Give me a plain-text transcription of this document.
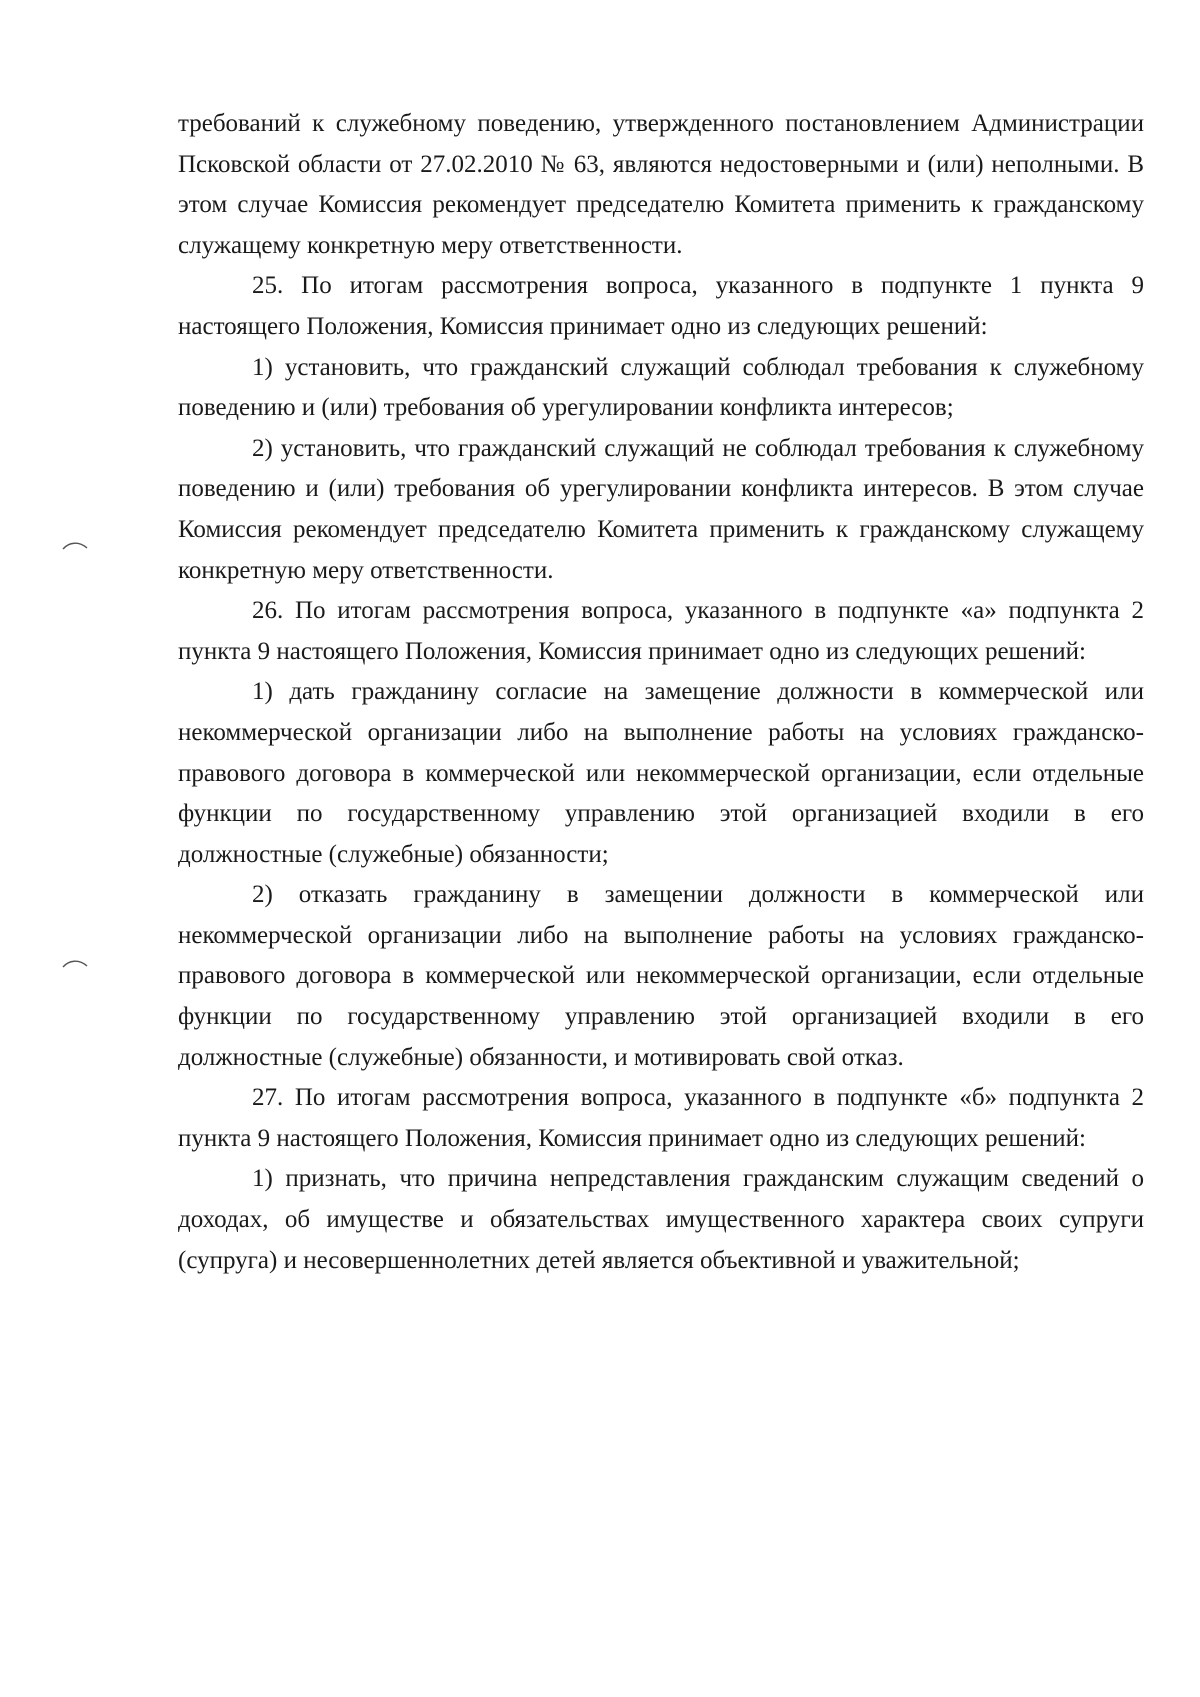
требований к служебному поведению, утвержденного постановлением Администрации Псковской области от 27.02.2010 № 63, являются недостоверными и (или) неполными. В этом случае Комиссия рекомендует председателю Комитета применить к гражданскому служащему конкретную меру ответственности.

25. По итогам рассмотрения вопроса, указанного в подпункте 1 пункта 9 настоящего Положения, Комиссия принимает одно из следующих решений:

1) установить, что гражданский служащий соблюдал требования к служебному поведению и (или) требования об урегулировании конфликта интересов;

2) установить, что гражданский служащий не соблюдал требования к служебному поведению и (или) требования об урегулировании конфликта интересов. В этом случае Комиссия рекомендует председателю Комитета применить к гражданскому служащему конкретную меру ответственности.

26. По итогам рассмотрения вопроса, указанного в подпункте «а» подпункта 2 пункта 9 настоящего Положения, Комиссия принимает одно из следующих решений:

1) дать гражданину согласие на замещение должности в коммерческой или некоммерческой организации либо на выполнение работы на условиях гражданско-правового договора в коммерческой или некоммерческой организации, если отдельные функции по государственному управлению этой организацией входили в его должностные (служебные) обязанности;

2) отказать гражданину в замещении должности в коммерческой или некоммерческой организации либо на выполнение работы на условиях гражданско-правового договора в коммерческой или некоммерческой организации, если отдельные функции по государственному управлению этой организацией входили в его должностные (служебные) обязанности, и мотивировать свой отказ.

27. По итогам рассмотрения вопроса, указанного в подпункте «б» подпункта 2 пункта 9 настоящего Положения, Комиссия принимает одно из следующих решений:

1) признать, что причина непредставления гражданским служащим сведений о доходах, об имуществе и обязательствах имущественного характера своих супруги (супруга) и несовершеннолетних детей является объективной и уважительной;
